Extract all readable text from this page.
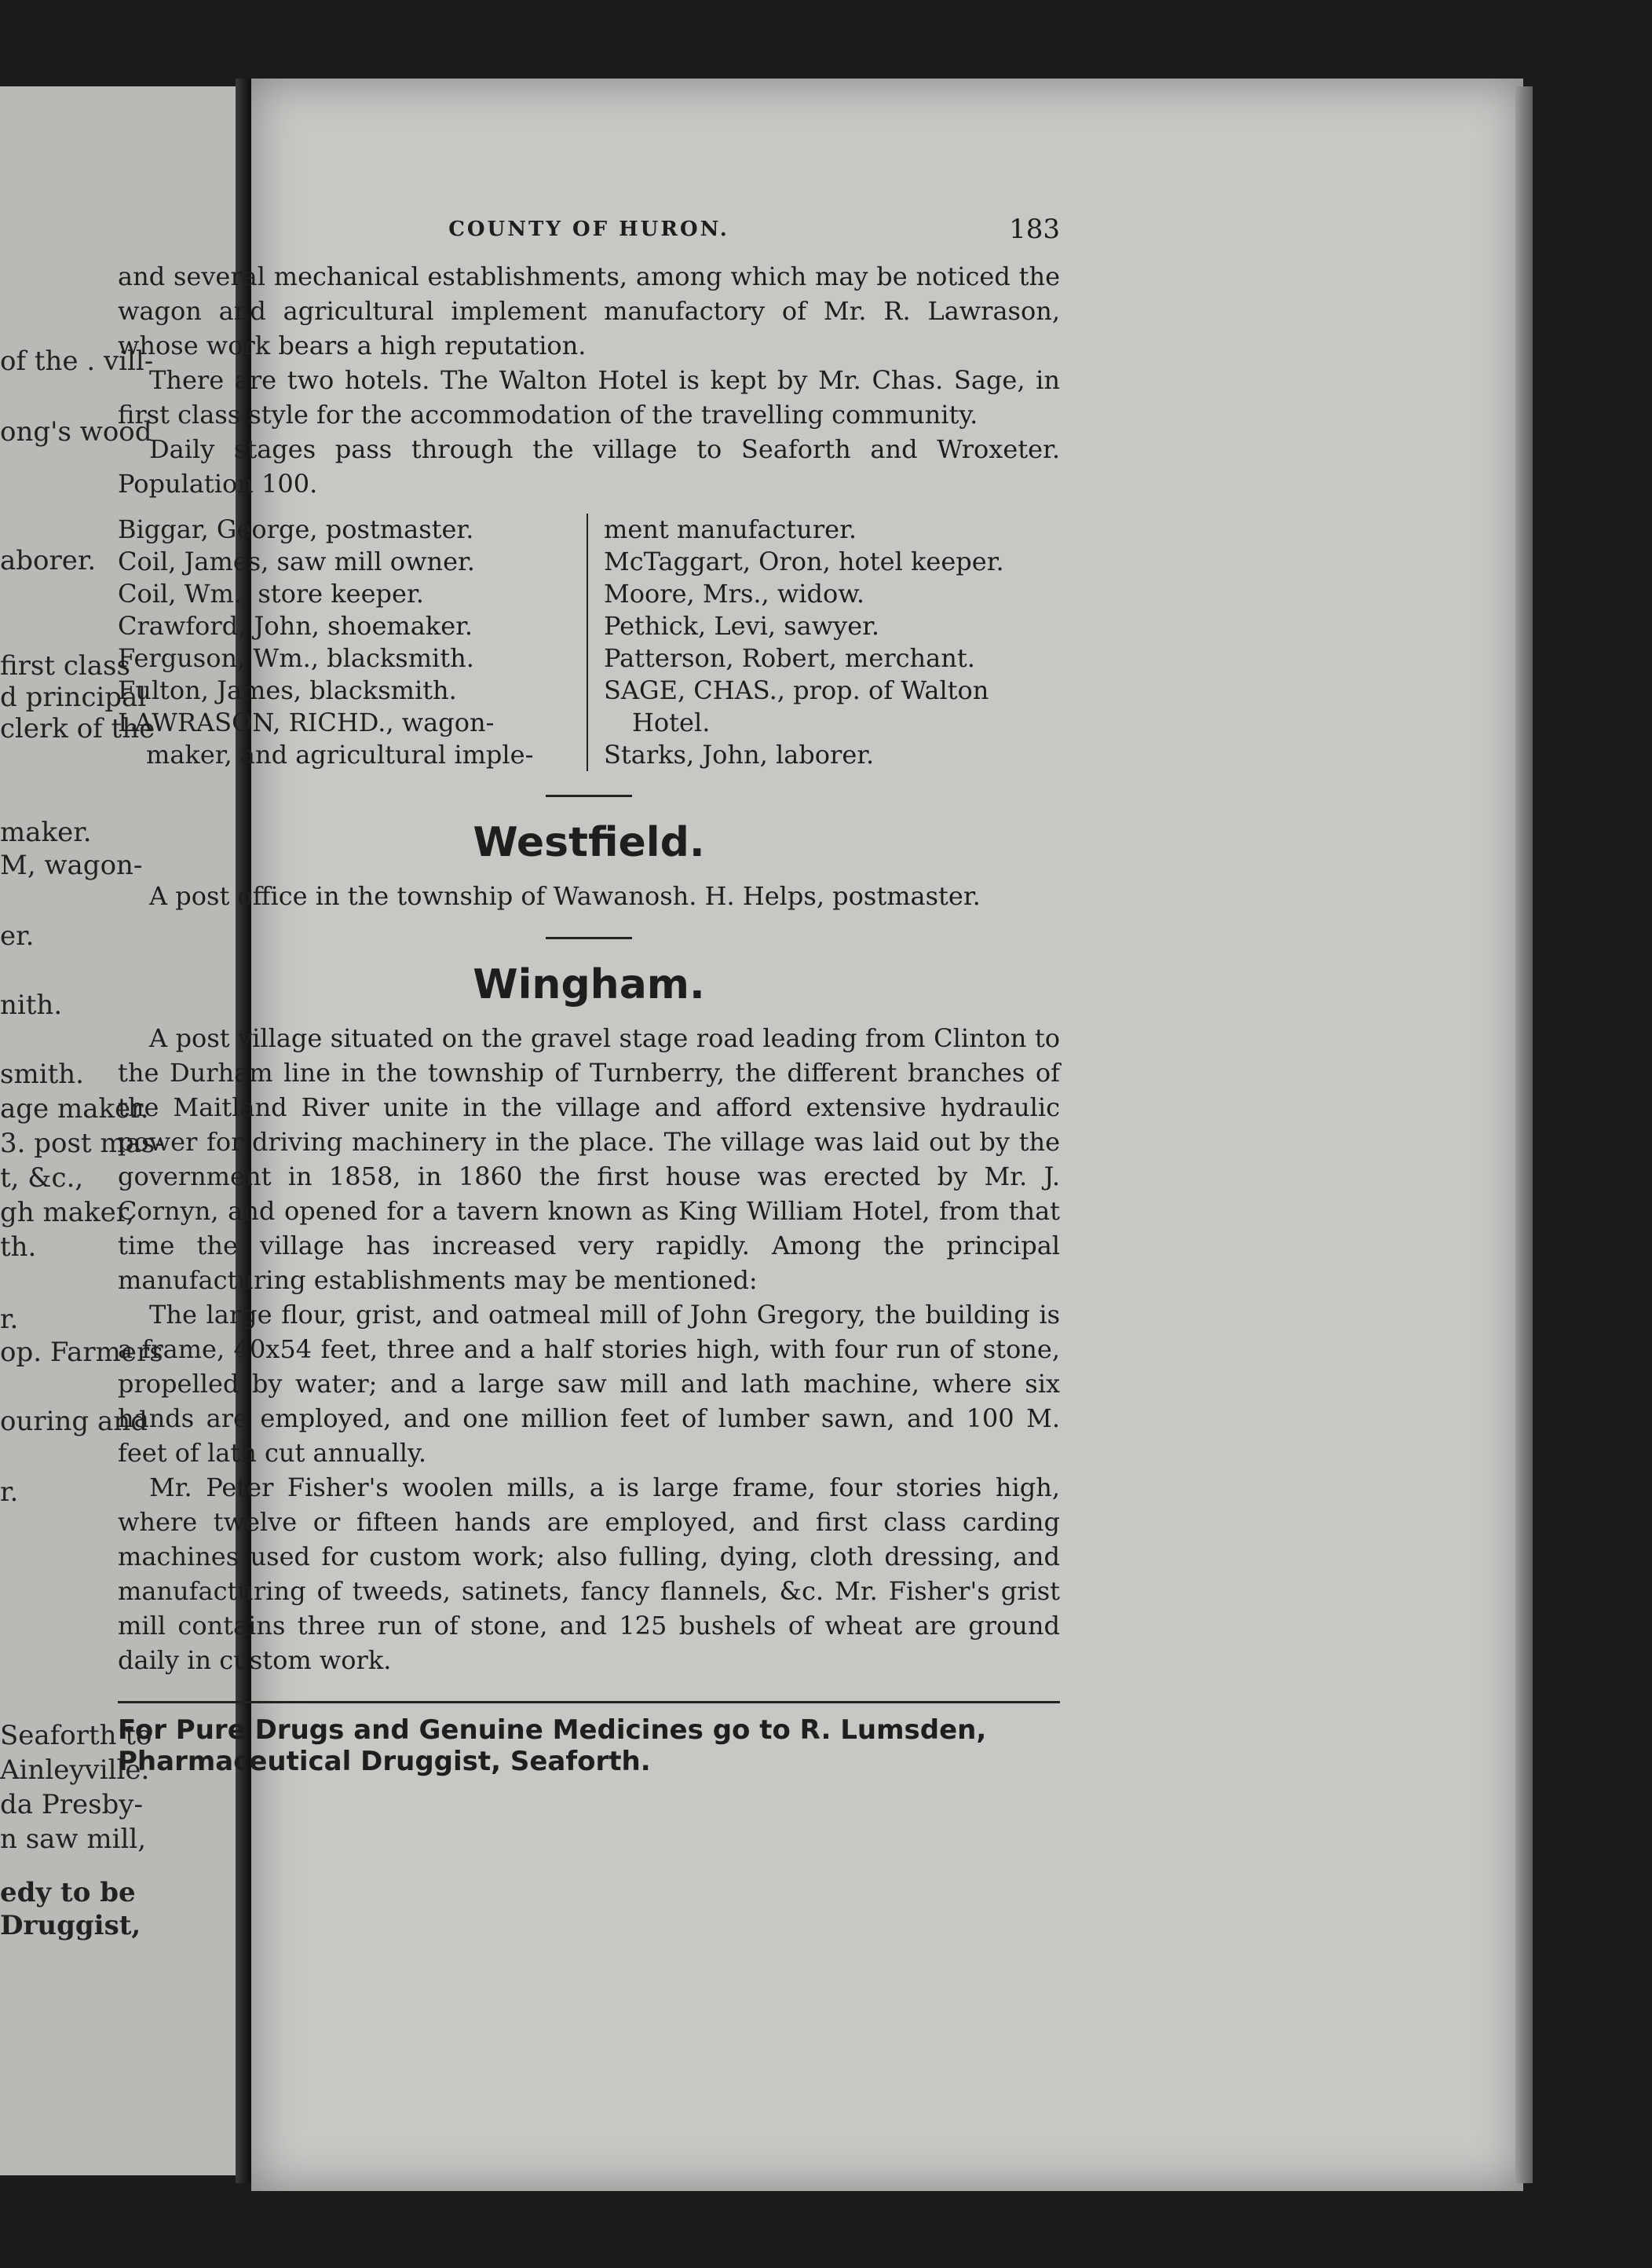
of the . vill-
ong's wood
aborer.
first class
d principal
clerk of the
maker.
M, wagon-
er.
nith.
smith.
age maker.
3. post mas-
t, &c.,
gh maker,
th.
r.
op. Farmers
ouring and
r.
Seaforth to
Ainleyville.
da Presby-
n saw mill,
edy to be
Druggist,
COUNTY OF HURON.	183

and several mechanical establishments, among which may be noticed the wagon and agricultural implement manufactory of Mr. R. Lawrason, whose work bears a high reputation.

There are two hotels. The Walton Hotel is kept by Mr. Chas. Sage, in first class style for the accommodation of the travelling community.

Daily stages pass through the village to Seaforth and Wroxeter. Population 100.

Biggar, George, postmaster.
Coil, James, saw mill owner.
Coil, Wm., store keeper.
Crawford, John, shoemaker.
Ferguson, Wm., blacksmith.
Fulton, James, blacksmith.
LAWRASON, RICHD., wagon-maker, and agricultural imple-
ment manufacturer.
McTaggart, Oron, hotel keeper.
Moore, Mrs., widow.
Pethick, Levi, sawyer.
Patterson, Robert, merchant.
SAGE, CHAS., prop. of Walton Hotel.
Starks, John, laborer.
Westfield.

A post office in the township of Wawanosh. H. Helps, postmaster.

Wingham.

A post village situated on the gravel stage road leading from Clinton to the Durham line in the township of Turnberry, the different branches of the Maitland River unite in the village and afford extensive hydraulic power for driving machinery in the place. The village was laid out by the government in 1858, in 1860 the first house was erected by Mr. J. Cornyn, and opened for a tavern known as King William Hotel, from that time the village has increased very rapidly. Among the principal manufacturing establishments may be mentioned:

The large flour, grist, and oatmeal mill of John Gregory, the building is a frame, 40x54 feet, three and a half stories high, with four run of stone, propelled by water; and a large saw mill and lath machine, where six hands are employed, and one million feet of lumber sawn, and 100 M. feet of lath cut annually.

Mr. Peter Fisher's woolen mills, a is large frame, four stories high, where twelve or fifteen hands are employed, and first class carding machines used for custom work; also fulling, dying, cloth dressing, and manufacturing of tweeds, satinets, fancy flannels, &c. Mr. Fisher's grist mill contains three run of stone, and 125 bushels of wheat are ground daily in custom work.

For Pure Drugs and Genuine Medicines go to R. Lumsden, Pharmaceutical Druggist, Seaforth.
